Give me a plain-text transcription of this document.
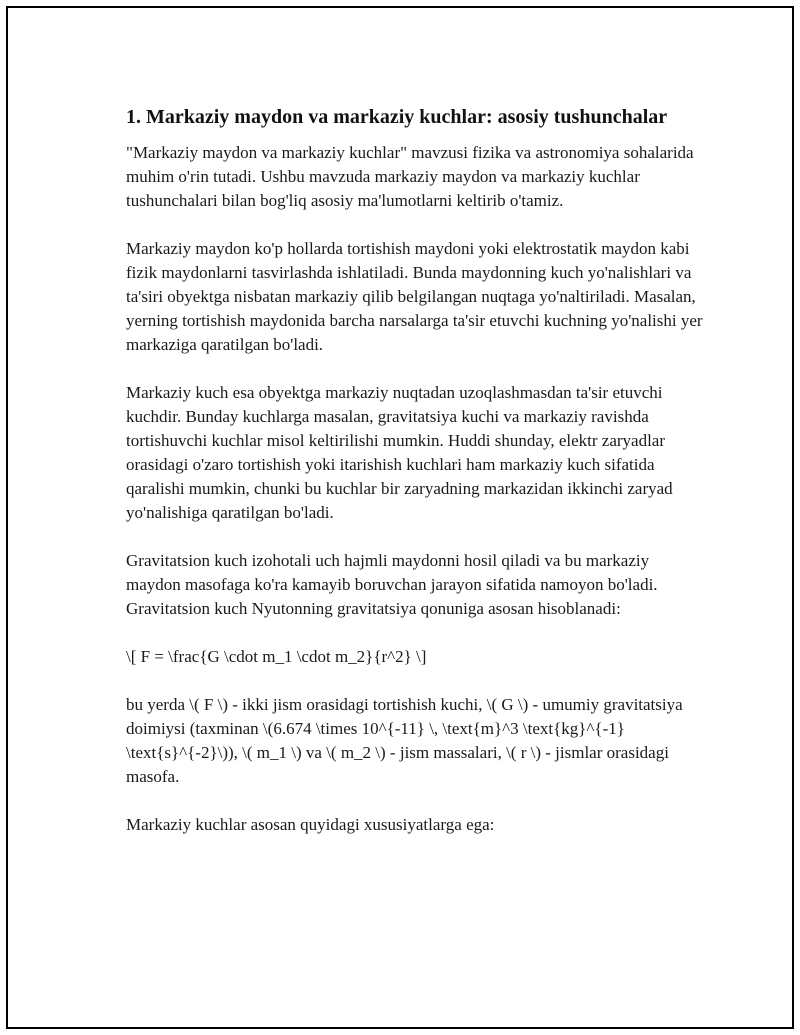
1. Markaziy maydon va markaziy kuchlar: asosiy tushunchalar

"Markaziy maydon va markaziy kuchlar" mavzusi fizika va astronomiya sohalarida muhim o'rin tutadi. Ushbu mavzuda markaziy maydon va markaziy kuchlar tushunchalari bilan bog'liq asosiy ma'lumotlarni keltirib o'tamiz.

Markaziy maydon ko'p hollarda tortishish maydoni yoki elektrostatik maydon kabi fizik maydonlarni tasvirlashda ishlatiladi. Bunda maydonning kuch yo'nalishlari va ta'siri obyektga nisbatan markaziy qilib belgilangan nuqtaga yo'naltiriladi. Masalan, yerning tortishish maydonida barcha narsalarga ta'sir etuvchi kuchning yo'nalishi yer markaziga qaratilgan bo'ladi.

Markaziy kuch esa obyektga markaziy nuqtadan uzoqlashmasdan ta'sir etuvchi kuchdir. Bunday kuchlarga masalan, gravitatsiya kuchi va markaziy ravishda tortishuvchi kuchlar misol keltirilishi mumkin. Huddi shunday, elektr zaryadlar orasidagi o'zaro tortishish yoki itarishish kuchlari ham markaziy kuch sifatida qaralishi mumkin, chunki bu kuchlar bir zaryadning markazidan ikkinchi zaryad yo'nalishiga qaratilgan bo'ladi.

Gravitatsion kuch izohotali uch hajmli maydonni hosil qiladi va bu markaziy maydon masofaga ko'ra kamayib boruvchan jarayon sifatida namoyon bo'ladi. Gravitatsion kuch Nyutonning gravitatsiya qonuniga asosan hisoblanadi:

\[ F = \frac{G \cdot m_1 \cdot m_2}{r^2} \]

bu yerda \( F \) - ikki jism orasidagi tortishish kuchi, \( G \) - umumiy gravitatsiya doimiysi (taxminan \(6.674 \times 10^{-11} \, \text{m}^3 \text{kg}^{-1} \text{s}^{-2}\)), \( m_1 \) va \( m_2 \) - jism massalari, \( r \) - jismlar orasidagi masofa.

Markaziy kuchlar asosan quyidagi xususiyatlarga ega:
